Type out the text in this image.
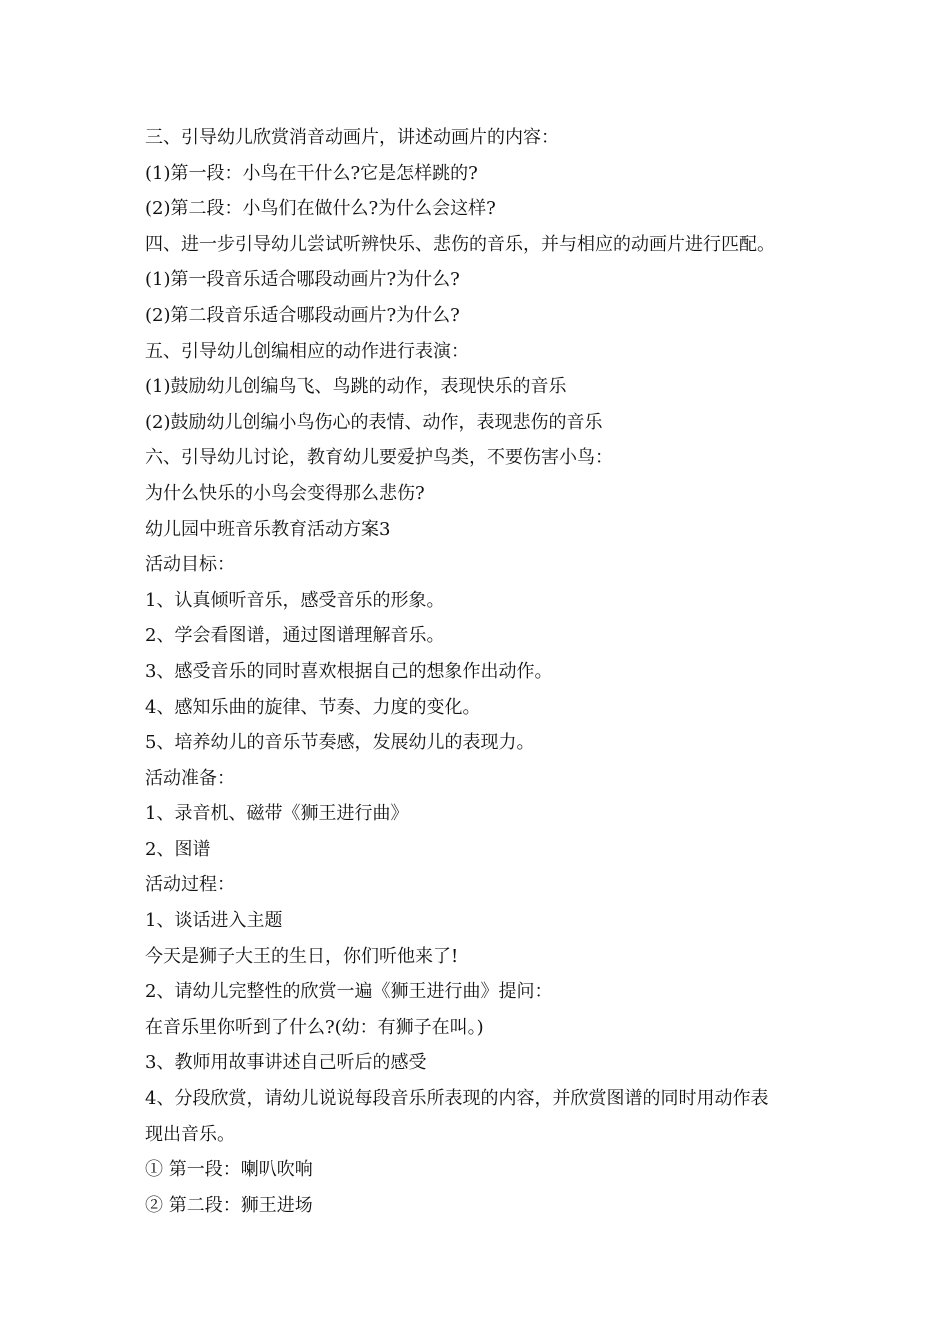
三、引导幼儿欣赏消音动画片，讲述动画片的内容：

(1)第一段：小鸟在干什么?它是怎样跳的?

(2)第二段：小鸟们在做什么?为什么会这样?

四、进一步引导幼儿尝试听辨快乐、悲伤的音乐，并与相应的动画片进行匹配。

(1)第一段音乐适合哪段动画片?为什么?

(2)第二段音乐适合哪段动画片?为什么?

五、引导幼儿创编相应的动作进行表演：

(1)鼓励幼儿创编鸟飞、鸟跳的动作，表现快乐的音乐

(2)鼓励幼儿创编小鸟伤心的表情、动作，表现悲伤的音乐

六、引导幼儿讨论，教育幼儿要爱护鸟类，不要伤害小鸟：

为什么快乐的小鸟会变得那么悲伤?

幼儿园中班音乐教育活动方案3

活动目标：

1、认真倾听音乐，感受音乐的形象。

2、学会看图谱，通过图谱理解音乐。

3、感受音乐的同时喜欢根据自己的想象作出动作。

4、感知乐曲的旋律、节奏、力度的变化。

5、培养幼儿的音乐节奏感，发展幼儿的表现力。

活动准备：

1、录音机、磁带《狮王进行曲》

2、图谱

活动过程：

1、谈话进入主题

今天是狮子大王的生日，你们听他来了!

2、请幼儿完整性的欣赏一遍《狮王进行曲》提问：

在音乐里你听到了什么?(幼：有狮子在叫。)

3、教师用故事讲述自己听后的感受

4、分段欣赏，请幼儿说说每段音乐所表现的内容，并欣赏图谱的同时用动作表

现出音乐。

① 第一段：喇叭吹响

② 第二段：狮王进场
